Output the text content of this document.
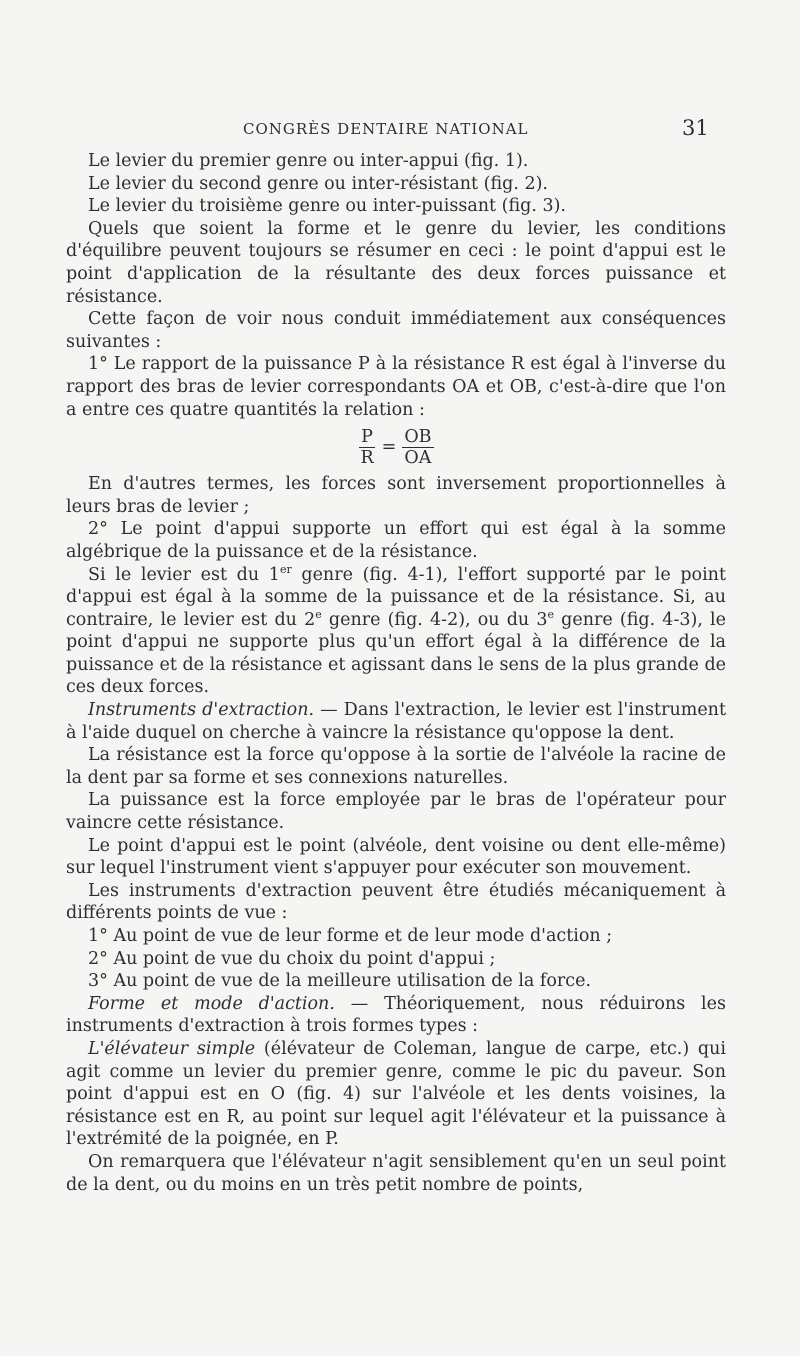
CONGRÈS DENTAIRE NATIONAL	31

Le levier du premier genre ou inter-appui (fig. 1).

Le levier du second genre ou inter-résistant (fig. 2).

Le levier du troisième genre ou inter-puissant (fig. 3).

Quels que soient la forme et le genre du levier, les conditions d'équilibre peuvent toujours se résumer en ceci : le point d'appui est le point d'application de la résultante des deux forces puissance et résistance.

Cette façon de voir nous conduit immédiatement aux conséquences suivantes :

1° Le rapport de la puissance P à la résistance R est égal à l'inverse du rapport des bras de levier correspondants OA et OB, c'est-à-dire que l'on a entre ces quatre quantités la relation :

$\frac{P}{R} = \frac{OB}{OA}$

En d'autres termes, les forces sont inversement proportionnelles à leurs bras de levier ;

2° Le point d'appui supporte un effort qui est égal à la somme algébrique de la puissance et de la résistance.

Si le levier est du 1er genre (fig. 4-1), l'effort supporté par le point d'appui est égal à la somme de la puissance et de la résistance. Si, au contraire, le levier est du 2e genre (fig. 4-2), ou du 3e genre (fig. 4-3), le point d'appui ne supporte plus qu'un effort égal à la différence de la puissance et de la résistance et agissant dans le sens de la plus grande de ces deux forces.

Instruments d'extraction. — Dans l'extraction, le levier est l'instrument à l'aide duquel on cherche à vaincre la résistance qu'oppose la dent.

La résistance est la force qu'oppose à la sortie de l'alvéole la racine de la dent par sa forme et ses connexions naturelles.

La puissance est la force employée par le bras de l'opérateur pour vaincre cette résistance.

Le point d'appui est le point (alvéole, dent voisine ou dent elle-même) sur lequel l'instrument vient s'appuyer pour exécuter son mouvement.

Les instruments d'extraction peuvent être étudiés mécaniquement à différents points de vue :

1° Au point de vue de leur forme et de leur mode d'action ;

2° Au point de vue du choix du point d'appui ;

3° Au point de vue de la meilleure utilisation de la force.

Forme et mode d'action. — Théoriquement, nous réduirons les instruments d'extraction à trois formes types :

L'élévateur simple (élévateur de Coleman, langue de carpe, etc.) qui agit comme un levier du premier genre, comme le pic du paveur. Son point d'appui est en O (fig. 4) sur l'alvéole et les dents voisines, la résistance est en R, au point sur lequel agit l'élévateur et la puissance à l'extrémité de la poignée, en P.

On remarquera que l'élévateur n'agit sensiblement qu'en un seul point de la dent, ou du moins en un très petit nombre de points,
